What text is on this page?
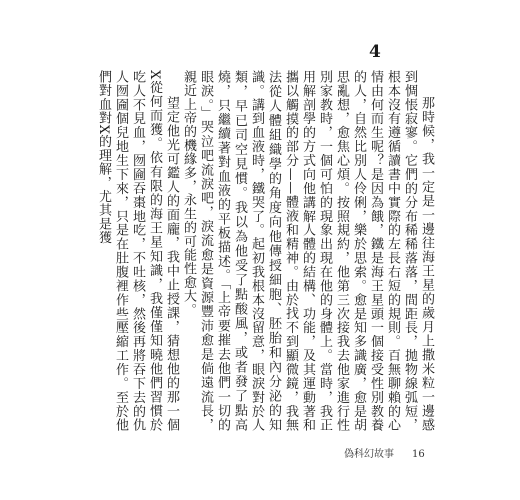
4

那時候，我一定是一邊往海王星的歲月上撒米粒一邊感到惆悵寂寥。它們的分布稀稀落落，間距長，拋物線弧短，根本沒有遵循讀書中實際的左長右短的規則。百無聊賴的心情由何而生呢？是因為餓，鐵是海王星頭一個接受性別教養的人，自然比別人伶俐，樂於思索。愈是知多識廣，愈是胡思亂想，愈焦心煩。按照規約，他第三次接我去他家進行性別家教時，一個可怕的現象出現在他的身體上。當時，我正用解剖學的方式向他講解人體的結構、功能，及其運動著和攜以觸摸的部分——體液和精神。由於找不到顯微鏡，我無法從人體組織學的角度向他傳授細胞、胚胎和內分泌的知識。講到血液時，鐵哭了。起初我根本沒留意，眼淚對於人類，早已司空見慣。我以為他受了點酸風，或者發了點高燒，只繼續著對血液的平板描述。「上帝要摧去他們一切的眼淚。」哭泣吧流淚吧，淚流愈是資源豐沛愈是倘遠流長，親近上帝的機緣多，永生的可能性愈大。

望定他光可鑑人的面龐，我中止授課，猜想他的那一個X從何而獲。依有限的海王星知識，我僅僅知曉他們習慣於吃人不見血，囫圇吞棗地吃，不吐核，然後再將吞下去的仇人囫圇個兒地生下來，只是在肚腹裡作些壓縮工作。至於他們對血對X的理解，尤其是獲

偽科幻故事 16
